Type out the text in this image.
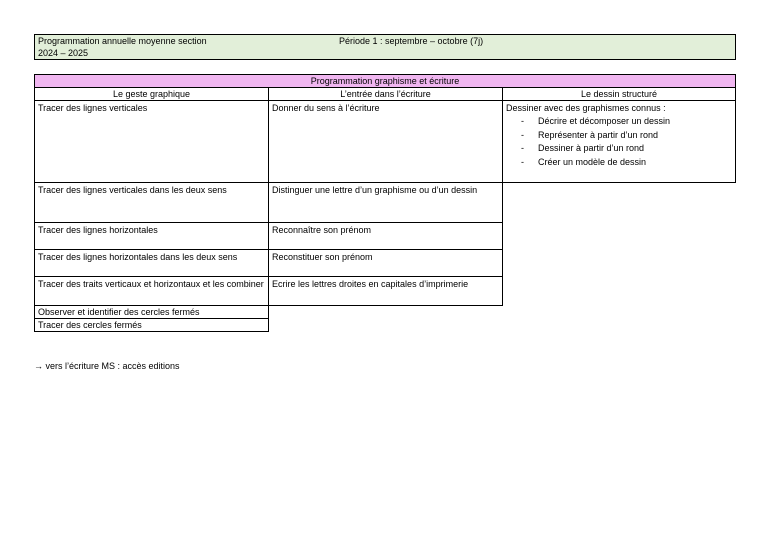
Programmation annuelle moyenne section
2024 – 2025
Période 1 : septembre – octobre (7j)
Programmation graphisme et écriture
Le geste graphique	L’entrée dans l’écriture	Le dessin structuré
Tracer des lignes verticales
Tracer des lignes verticales dans les deux sens
Tracer des lignes horizontales
Tracer des lignes horizontales dans les deux sens
Tracer des traits verticaux et horizontaux et les combiner
Observer et identifier des cercles fermés
Tracer des cercles fermés
Donner du sens à l’écriture
Distinguer une lettre d’un graphisme ou d’un dessin
Reconnaître son prénom
Reconstituer son prénom
Ecrire les lettres droites en capitales d’imprimerie
Dessiner avec des graphismes connus :
- Décrire et décomposer un dessin
- Représenter à partir d’un rond
- Dessiner à partir d’un rond
- Créer un modèle de dessin
→ vers l’écriture MS : accès editions
